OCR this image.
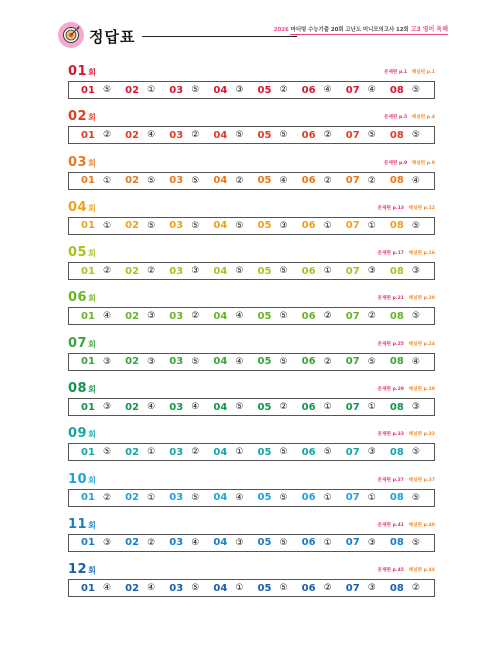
정답표	2026 마더텅 수능기출 20회 고난도 미니모의고사 12회 고3 영어 독해
01회	문제편 p.1 해설편 p.1
01 ⑤ 02 ① 03 ⑤ 04 ③ 05 ② 06 ④ 07 ④ 08 ⑤
02회	문제편 p.5 해설편 p.4
01 ② 02 ④ 03 ② 04 ⑤ 05 ⑤ 06 ② 07 ⑤ 08 ⑤
03회	문제편 p.9 해설편 p.9
01 ① 02 ⑤ 03 ⑤ 04 ② 05 ④ 06 ② 07 ② 08 ④
04회	문제편 p.13 해설편 p.12
01 ① 02 ⑤ 03 ⑤ 04 ⑤ 05 ③ 06 ① 07 ① 08 ⑤
05회	문제편 p.17 해설편 p.16
01 ② 02 ② 03 ③ 04 ⑤ 05 ⑤ 06 ① 07 ③ 08 ③
06회	문제편 p.21 해설편 p.20
01 ④ 02 ③ 03 ② 04 ④ 05 ⑤ 06 ② 07 ② 08 ⑤
07회	문제편 p.25 해설편 p.24
01 ③ 02 ③ 03 ⑤ 04 ④ 05 ⑤ 06 ② 07 ⑤ 08 ④
08회	문제편 p.29 해설편 p.29
01 ③ 02 ④ 03 ④ 04 ⑤ 05 ② 06 ① 07 ① 08 ③
09회	문제편 p.33 해설편 p.32
01 ⑤ 02 ① 03 ② 04 ① 05 ⑤ 06 ⑤ 07 ③ 08 ⑤
10회	문제편 p.37 해설편 p.37
01 ② 02 ① 03 ⑤ 04 ④ 05 ⑤ 06 ① 07 ① 08 ⑤
11회	문제편 p.41 해설편 p.40
01 ③ 02 ② 03 ④ 04 ③ 05 ⑤ 06 ① 07 ③ 08 ⑤
12회	문제편 p.45 해설편 p.44
01 ④ 02 ④ 03 ⑤ 04 ① 05 ⑤ 06 ② 07 ③ 08 ②
